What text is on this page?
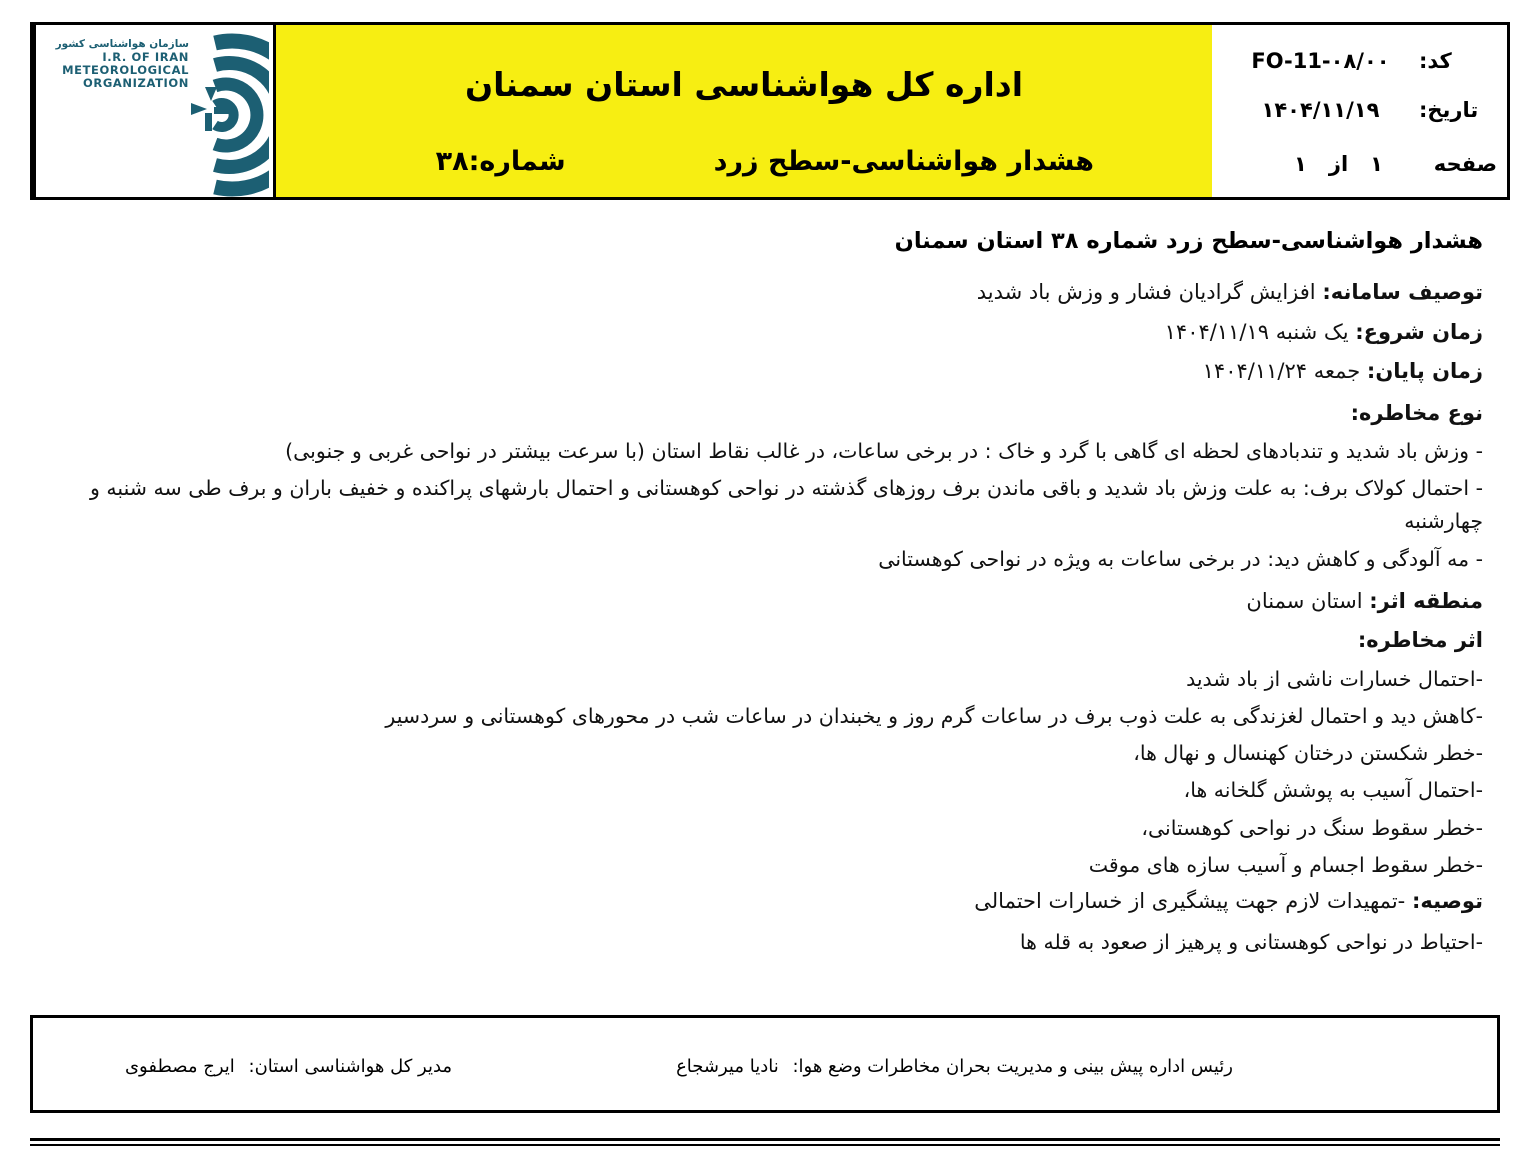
کد:
FO-11-۰۸/۰۰
تاریخ:
۱۴۰۴/۱۱/۱۹
صفحه
۱
از
۱
اداره کل هواشناسی استان سمنان
هشدار هواشناسی-سطح زرد
شماره:۳۸
سازمان هواشناسی کشور
I.R. OF IRAN
METEOROLOGICAL
ORGANIZATION
هشدار هواشناسی-سطح زرد شماره ۳۸ استان سمنان
توصیف سامانه: افزایش گرادیان فشار و وزش باد شدید
زمان شروع: یک شنبه ۱۴۰۴/۱۱/۱۹
زمان پایان: جمعه ۱۴۰۴/۱۱/۲۴
نوع مخاطره:
- وزش باد شدید و تندبادهای لحظه ای گاهی با گرد و خاک : در برخی ساعات، در غالب نقاط استان (با سرعت بیشتر در نواحی غربی و جنوبی)
- احتمال کولاک برف: به علت وزش باد شدید و باقی ماندن برف روزهای گذشته در نواحی کوهستانی و احتمال بارشهای پراکنده و خفیف باران و برف طی سه شنبه و چهارشنبه
- مه آلودگی و کاهش دید: در برخی ساعات به ویژه در نواحی کوهستانی
منطقه اثر: استان سمنان
اثر مخاطره:
-احتمال خسارات ناشی از باد شدید
-کاهش دید و احتمال لغزندگی به علت ذوب برف در ساعات گرم روز و یخبندان در ساعات شب در محورهای کوهستانی و سردسیر
-خطر شکستن درختان کهنسال و نهال ها،
-احتمال آسیب به پوشش گلخانه ها،
-خطر سقوط سنگ در نواحی کوهستانی،
-خطر سقوط اجسام و آسیب سازه های موقت
توصیه: -تمهیدات لازم جهت پیشگیری از خسارات احتمالی
-احتیاط در نواحی کوهستانی و پرهیز از صعود به قله ها
رئیس اداره پیش بینی و مدیریت بحران مخاطرات وضع هوا: نادیا میرشجاع
مدیر کل هواشناسی استان: ایرج مصطفوی
